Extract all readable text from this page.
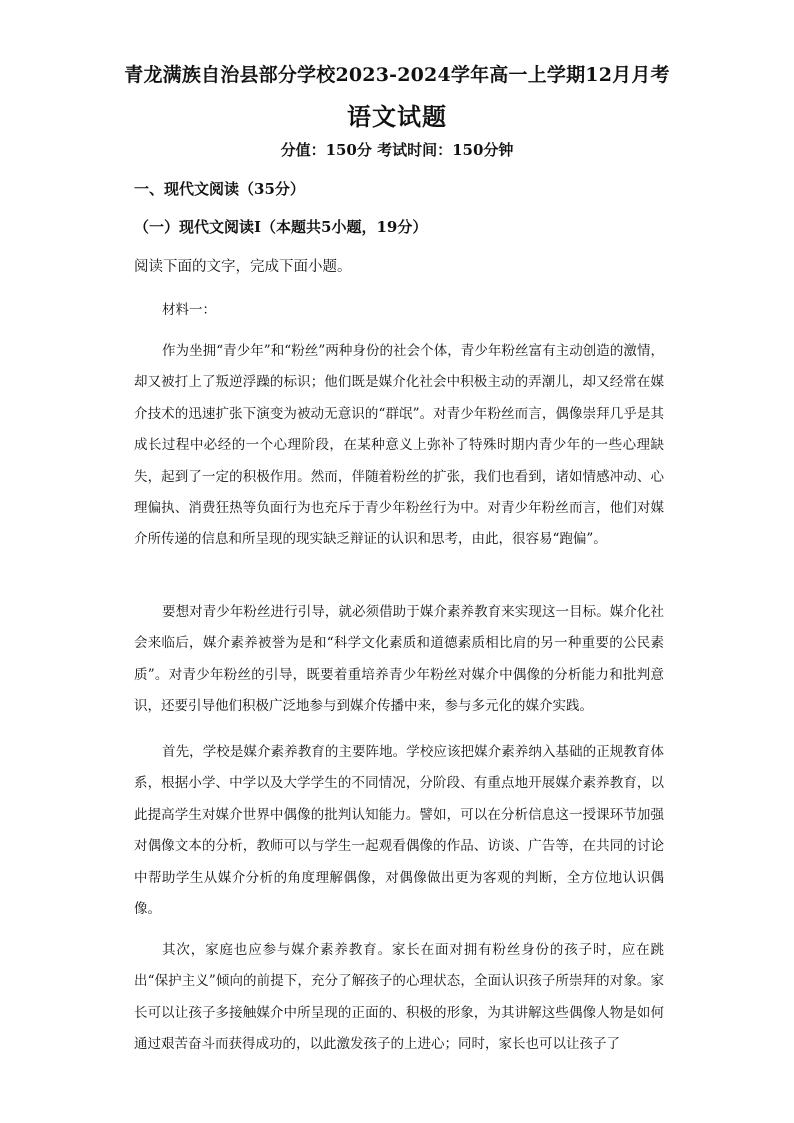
青龙满族自治县部分学校2023-2024学年高一上学期12月月考
语文试题
分值：150分 考试时间：150分钟
一、现代文阅读（35分）
（一）现代文阅读Ⅰ（本题共5小题，19分）
阅读下面的文字，完成下面小题。
材料一：

作为坐拥“青少年”和“粉丝”两种身份的社会个体，青少年粉丝富有主动创造的激情，却又被打上了叛逆浮躁的标识；他们既是媒介化社会中积极主动的弄潮儿，却又经常在媒介技术的迅速扩张下演变为被动无意识的“群氓”。对青少年粉丝而言，偶像崇拜几乎是其成长过程中必经的一个心理阶段，在某种意义上弥补了特殊时期内青少年的一些心理缺失，起到了一定的积极作用。然而，伴随着粉丝的扩张，我们也看到，诸如情感冲动、心理偏执、消费狂热等负面行为也充斥于青少年粉丝行为中。对青少年粉丝而言，他们对媒介所传递的信息和所呈现的现实缺乏辩证的认识和思考，由此，很容易“跑偏”。

要想对青少年粉丝进行引导，就必须借助于媒介素养教育来实现这一目标。媒介化社会来临后，媒介素养被誉为是和“科学文化素质和道德素质相比肩的另一种重要的公民素质”。对青少年粉丝的引导，既要着重培养青少年粉丝对媒介中偶像的分析能力和批判意识，还要引导他们积极广泛地参与到媒介传播中来，参与多元化的媒介实践。

首先，学校是媒介素养教育的主要阵地。学校应该把媒介素养纳入基础的正规教育体系，根据小学、中学以及大学学生的不同情况，分阶段、有重点地开展媒介素养教育，以此提高学生对媒介世界中偶像的批判认知能力。譬如，可以在分析信息这一授课环节加强对偶像文本的分析，教师可以与学生一起观看偶像的作品、访谈、广告等，在共同的讨论中帮助学生从媒介分析的角度理解偶像，对偶像做出更为客观的判断，全方位地认识偶像。

其次，家庭也应参与媒介素养教育。家长在面对拥有粉丝身份的孩子时，应在跳出“保护主义”倾向的前提下，充分了解孩子的心理状态，全面认识孩子所崇拜的对象。家长可以让孩子多接触媒介中所呈现的正面的、积极的形象，为其讲解这些偶像人物是如何通过艰苦奋斗而获得成功的，以此激发孩子的上进心；同时，家长也可以让孩子了
